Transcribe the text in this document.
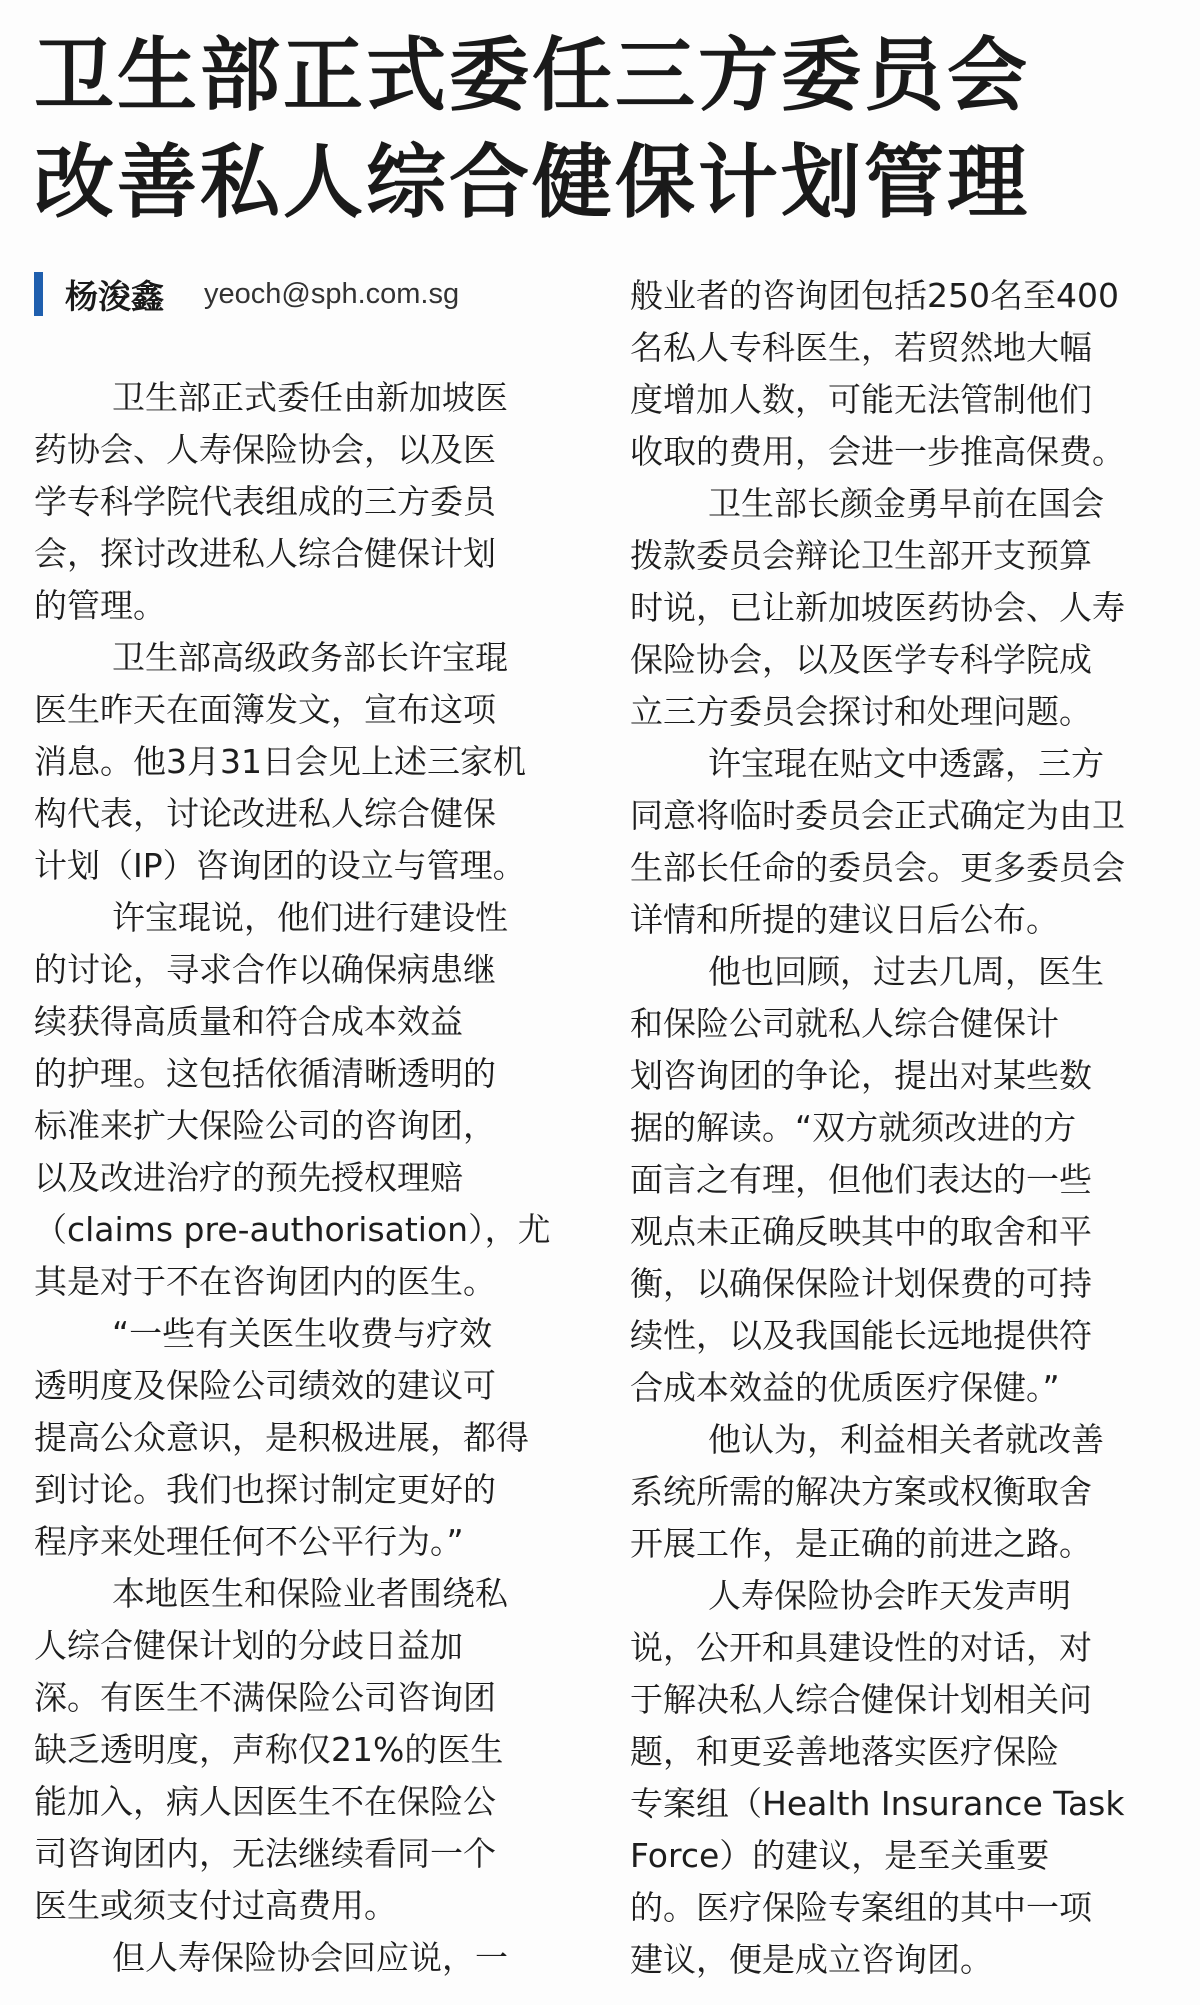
卫生部正式委任三方委员会
改善私人综合健保计划管理
杨浚鑫 yeoch@sph.com.sg
卫生部正式委任由新加坡医
药协会、人寿保险协会，以及医
学专科学院代表组成的三方委员
会，探讨改进私人综合健保计划
的管理。
卫生部高级政务部长许宝琨
医生昨天在面簿发文，宣布这项
消息。他3月31日会见上述三家机
构代表，讨论改进私人综合健保
计划（IP）咨询团的设立与管理。
许宝琨说，他们进行建设性
的讨论，寻求合作以确保病患继
续获得高质量和符合成本效益
的护理。这包括依循清晰透明的
标准来扩大保险公司的咨询团，
以及改进治疗的预先授权理赔
（claims pre-authorisation），尤
其是对于不在咨询团内的医生。
“一些有关医生收费与疗效
透明度及保险公司绩效的建议可
提高公众意识，是积极进展，都得
到讨论。我们也探讨制定更好的
程序来处理任何不公平行为。”
本地医生和保险业者围绕私
人综合健保计划的分歧日益加
深。有医生不满保险公司咨询团
缺乏透明度，声称仅21%的医生
能加入，病人因医生不在保险公
司咨询团内，无法继续看同一个
医生或须支付过高费用。
但人寿保险协会回应说，一
般业者的咨询团包括250名至400
名私人专科医生，若贸然地大幅
度增加人数，可能无法管制他们
收取的费用，会进一步推高保费。
卫生部长颜金勇早前在国会
拨款委员会辩论卫生部开支预算
时说，已让新加坡医药协会、人寿
保险协会，以及医学专科学院成
立三方委员会探讨和处理问题。
许宝琨在贴文中透露，三方
同意将临时委员会正式确定为由卫
生部长任命的委员会。更多委员会
详情和所提的建议日后公布。
他也回顾，过去几周，医生
和保险公司就私人综合健保计
划咨询团的争论，提出对某些数
据的解读。“双方就须改进的方
面言之有理，但他们表达的一些
观点未正确反映其中的取舍和平
衡，以确保保险计划保费的可持
续性，以及我国能长远地提供符
合成本效益的优质医疗保健。”
他认为，利益相关者就改善
系统所需的解决方案或权衡取舍
开展工作，是正确的前进之路。
人寿保险协会昨天发声明
说，公开和具建设性的对话，对
于解决私人综合健保计划相关问
题，和更妥善地落实医疗保险
专案组（Health Insurance Task
Force）的建议，是至关重要
的。医疗保险专案组的其中一项
建议，便是成立咨询团。
